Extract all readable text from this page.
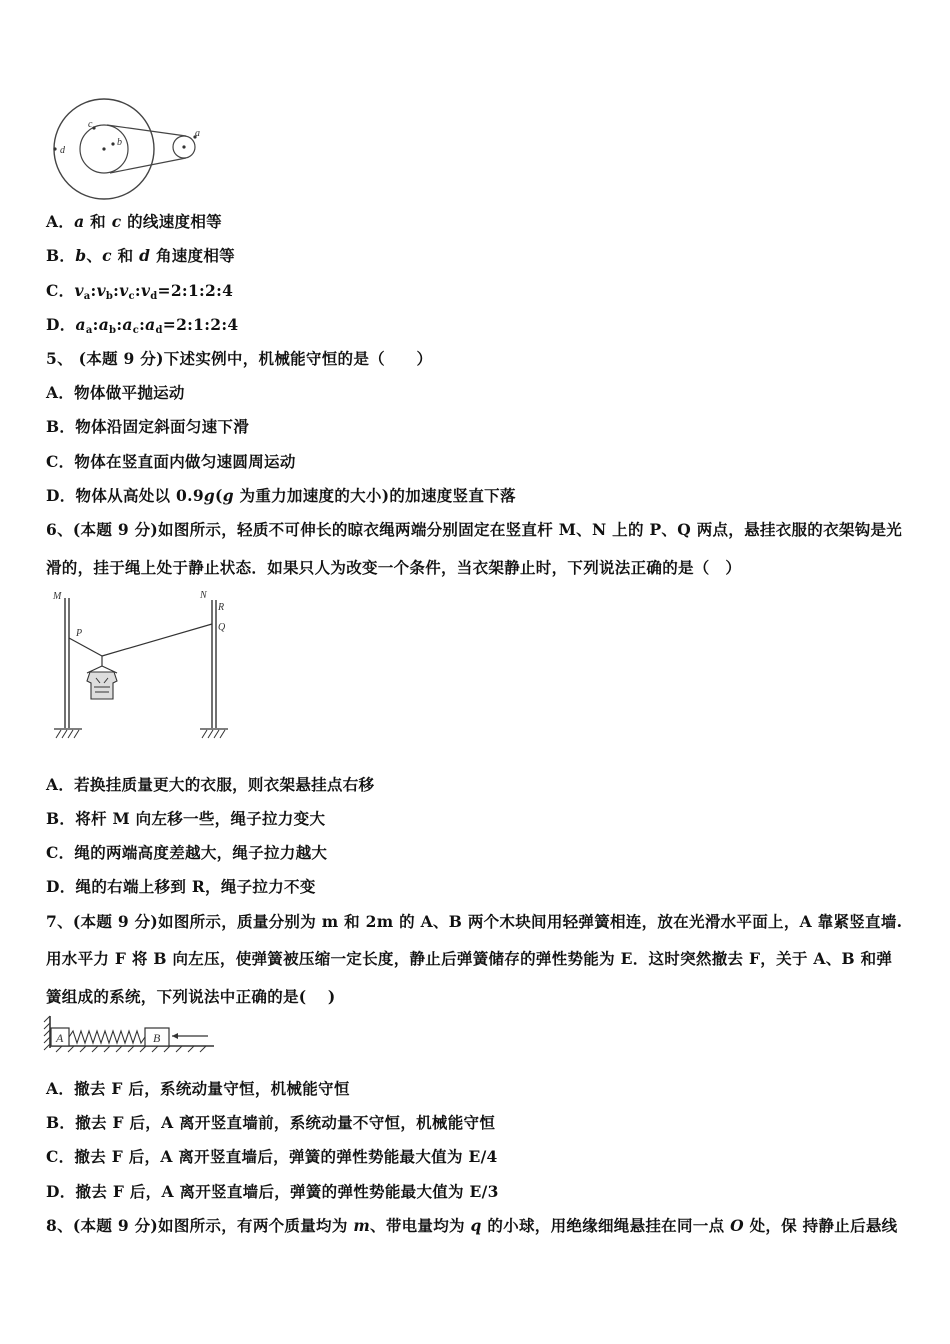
c
b
a
d
A．a 和 c 的线速度相等
B．b、c 和 d 角速度相等
C．$v_a:v_b:v_c:v_d=2:1:2:4$
D．$a_a:a_b:a_c:a_d=2:1:2:4$
5、 (本题 9 分)下述实例中，机械能守恒的是（　　）
A．物体做平抛运动
B．物体沿固定斜面匀速下滑
C．物体在竖直面内做匀速圆周运动
D．物体从高处以 0.9g(g 为重力加速度的大小)的加速度竖直下落
6、(本题 9 分)如图所示，轻质不可伸长的晾衣绳两端分别固定在竖直杆 M、N 上的 P、Q 两点，悬挂衣服的衣架钩是光
滑的，挂于绳上处于静止状态．如果只人为改变一个条件，当衣架静止时，下列说法正确的是（　）
M	N
P
R
Q
A．若换挂质量更大的衣服，则衣架悬挂点右移
B．将杆 M 向左移一些，绳子拉力变大
C．绳的两端高度差越大，绳子拉力越大
D．绳的右端上移到 R，绳子拉力不变
7、(本题 9 分)如图所示，质量分别为 m 和 2m 的 A、B 两个木块间用轻弹簧相连，放在光滑水平面上，A 靠紧竖直墙.
用水平力 F 将 B 向左压，使弹簧被压缩一定长度，静止后弹簧储存的弹性势能为 E．这时突然撤去 F，关于 A、B 和弹
簧组成的系统，下列说法中正确的是(　 )
A	B
A．撤去 F 后，系统动量守恒，机械能守恒
B．撤去 F 后，A 离开竖直墙前，系统动量不守恒，机械能守恒
C．撤去 F 后，A 离开竖直墙后，弹簧的弹性势能最大值为 E/4
D．撤去 F 后，A 离开竖直墙后，弹簧的弹性势能最大值为 E/3
8、(本题 9 分)如图所示，有两个质量均为 m、带电量均为 q 的小球，用绝缘细绳悬挂在同一点 O 处，保 持静止后悬线
